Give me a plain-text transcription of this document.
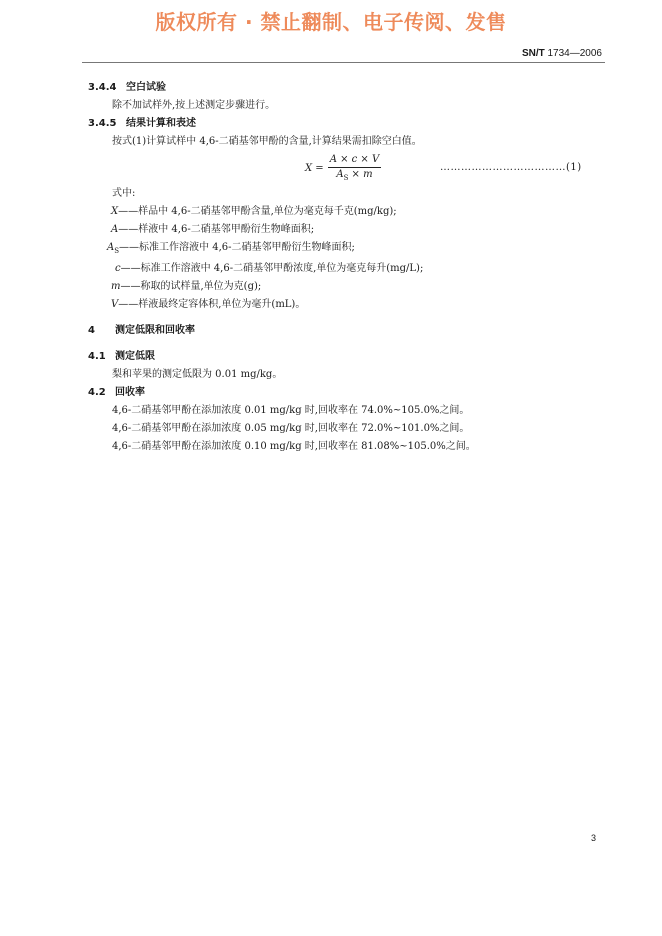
版权所有 · 禁止翻制、电子传阅、发售
SN/T 1734—2006
3.4.4 空白试验
除不加试样外,按上述测定步骤进行。
3.4.5 结果计算和表述
按式(1)计算试样中 4,6-二硝基邻甲酚的含量,计算结果需扣除空白值。
$X = \frac{A \times c \times V}{A_S \times m}$	………………………………(1)
式中:
X——样品中 4,6-二硝基邻甲酚含量,单位为毫克每千克(mg/kg);
A——样液中 4,6-二硝基邻甲酚衍生物峰面积;
$A_S——$标准工作溶液中 4,6-二硝基邻甲酚衍生物峰面积;
c——标准工作溶液中 4,6-二硝基邻甲酚浓度,单位为毫克每升(mg/L);
m——称取的试样量,单位为克(g);
V——样液最终定容体积,单位为毫升(mL)。
4 测定低限和回收率
4.1 测定低限
梨和苹果的测定低限为 0.01 mg/kg。
4.2 回收率
4,6-二硝基邻甲酚在添加浓度 0.01 mg/kg 时,回收率在 74.0%~105.0%之间。
4,6-二硝基邻甲酚在添加浓度 0.05 mg/kg 时,回收率在 72.0%~101.0%之间。
4,6-二硝基邻甲酚在添加浓度 0.10 mg/kg 时,回收率在 81.08%~105.0%之间。
3
